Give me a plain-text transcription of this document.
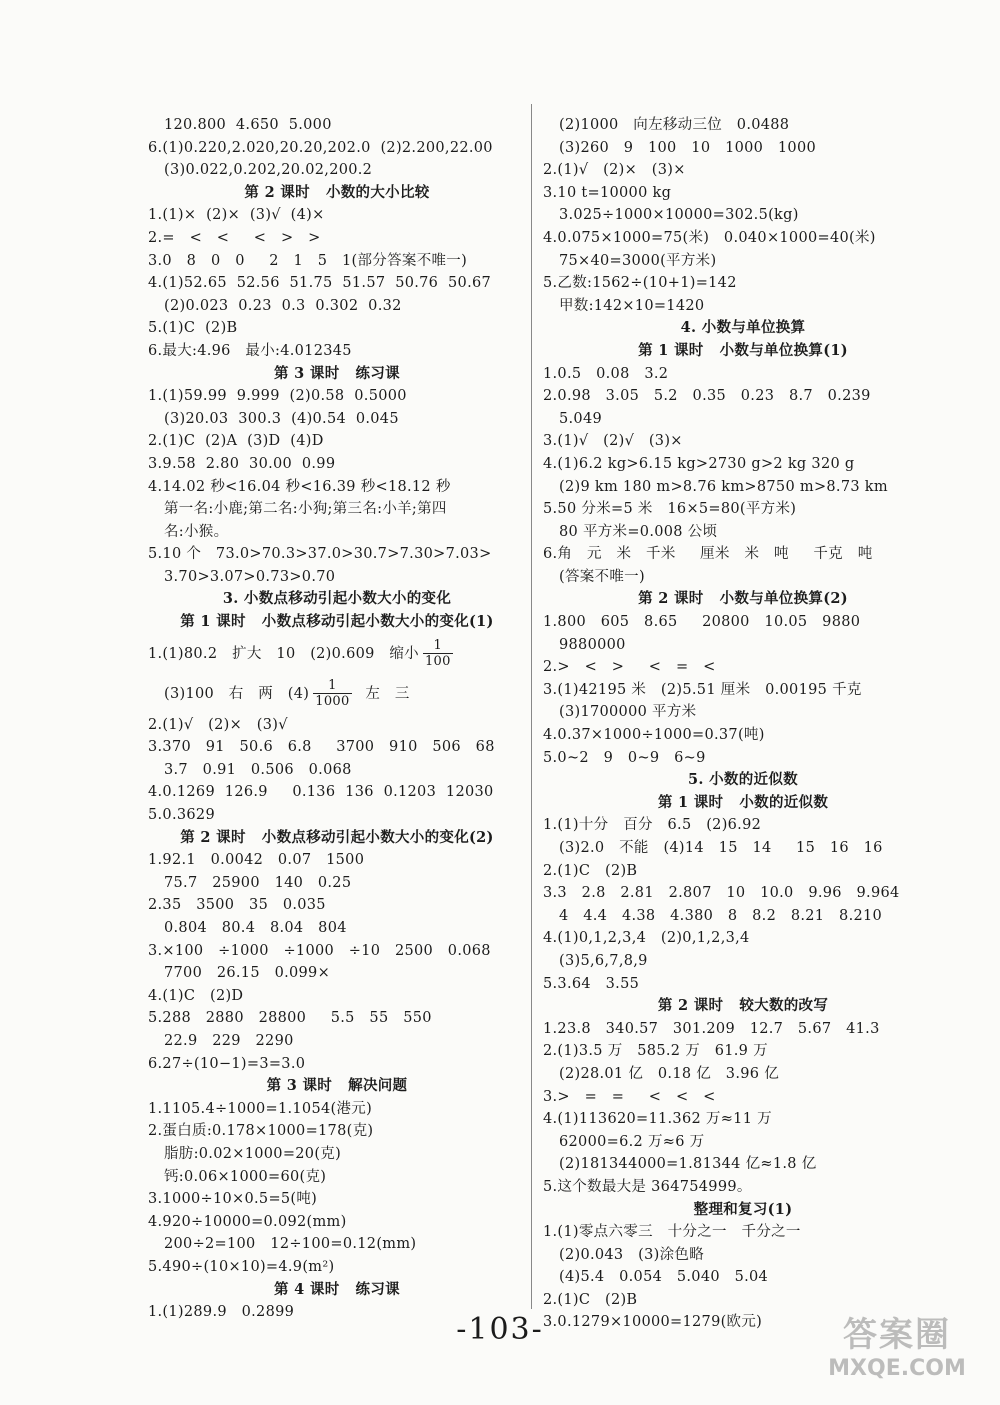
120.800  4.650  5.000
6.(1)0.220,2.020,20.20,202.0  (2)2.200,22.00
(3)0.022,0.202,20.02,200.2
第 2 课时   小数的大小比较
1.(1)×  (2)×  (3)√  (4)×
2.=   <   <     <   >   >
3.0   8   0   0     2   1   5   1(部分答案不唯一)
4.(1)52.65  52.56  51.75  51.57  50.76  50.67
(2)0.023  0.23  0.3  0.302  0.32
5.(1)C  (2)B
6.最大:4.96   最小:4.012345
第 3 课时   练习课
1.(1)59.99  9.999  (2)0.58  0.5000
(3)20.03  300.3  (4)0.54  0.045
2.(1)C  (2)A  (3)D  (4)D
3.9.58  2.80  30.00  0.99
4.14.02 秒<16.04 秒<16.39 秒<18.12 秒
第一名:小鹿;第二名:小狗;第三名:小羊;第四
名:小猴。
5.10 个   73.0>70.3>37.0>30.7>7.30>7.03>
3.70>3.07>0.73>0.70
3. 小数点移动引起小数大小的变化
第 1 课时   小数点移动引起小数大小的变化(1)
1.(1)80.2   扩大   10   (2)0.609   缩小 $\frac{1}{100}$
(3)100   右   两   $(4) \frac{1}{1000}$ 左   三
2.(1)√   (2)×   (3)√
3.370   91   50.6   6.8     3700   910   506   68
3.7   0.91   0.506   0.068
4.0.1269  126.9     0.136  136  0.1203  12030
5.0.3629
第 2 课时   小数点移动引起小数大小的变化(2)
1.92.1   0.0042   0.07   1500
75.7   25900   140   0.25
2.35   3500   35   0.035
0.804   80.4   8.04   804
3.×100   ÷1000   ÷1000   ÷10   2500   0.068
7700   26.15   0.099×
4.(1)C   (2)D
5.288   2880   28800     5.5   55   550
22.9   229   2290
6.27÷(10−1)=3=3.0
第 3 课时   解决问题
1.1105.4÷1000=1.1054(港元)
2.蛋白质:0.178×1000=178(克)
脂肪:0.02×1000=20(克)
钙:0.06×1000=60(克)
3.1000÷10×0.5=5(吨)
4.920÷10000=0.092(mm)
200÷2=100   12÷100=0.12(mm)
5.490÷(10×10)=4.9(m²)
第 4 课时   练习课
1.(1)289.9   0.2899
(2)1000   向左移动三位   0.0488
(3)260   9   100   10   1000   1000
2.(1)√   (2)×   (3)×
3.10 t=10000 kg
3.025÷1000×10000=302.5(kg)
4.0.075×1000=75(米)   0.040×1000=40(米)
75×40=3000(平方米)
5.乙数:1562÷(10+1)=142
甲数:142×10=1420
4. 小数与单位换算
第 1 课时   小数与单位换算(1)
1.0.5   0.08   3.2
2.0.98   3.05   5.2   0.35   0.23   8.7   0.239
5.049
3.(1)√   (2)√   (3)×
4.(1)6.2 kg>6.15 kg>2730 g>2 kg 320 g
(2)9 km 180 m>8.76 km>8750 m>8.73 km
5.50 分米=5 米   16×5=80(平方米)
80 平方米=0.008 公顷
6.角   元   米   千米     厘米   米   吨     千克   吨
(答案不唯一)
第 2 课时   小数与单位换算(2)
1.800   605   8.65     20800   10.05   9880
9880000
2.>   <   >     <   =   <
3.(1)42195 米   (2)5.51 厘米   0.00195 千克
(3)1700000 平方米
4.0.37×1000÷1000=0.37(吨)
5.0~2   9   0~9   6~9
5. 小数的近似数
第 1 课时   小数的近似数
1.(1)十分   百分   6.5   (2)6.92
(3)2.0   不能   (4)14   15   14     15   16   16
2.(1)C   (2)B
3.3   2.8   2.81   2.807   10   10.0   9.96   9.964
4   4.4   4.38   4.380   8   8.2   8.21   8.210
4.(1)0,1,2,3,4   (2)0,1,2,3,4
(3)5,6,7,8,9
5.3.64   3.55
第 2 课时   较大数的改写
1.23.8   340.57   301.209   12.7   5.67   41.3
2.(1)3.5 万   585.2 万   61.9 万
(2)28.01 亿   0.18 亿   3.96 亿
3.>   =   =     <   <   <
4.(1)113620=11.362 万≈11 万
62000=6.2 万≈6 万
(2)181344000=1.81344 亿≈1.8 亿
5.这个数最大是 364754999。
整理和复习(1)
1.(1)零点六零三   十分之一   千分之一
(2)0.043   (3)涂色略
(4)5.4   0.054   5.040   5.04
2.(1)C   (2)B
3.0.1279×10000=1279(欧元)
-103-	答案圈
MXQE.COM
